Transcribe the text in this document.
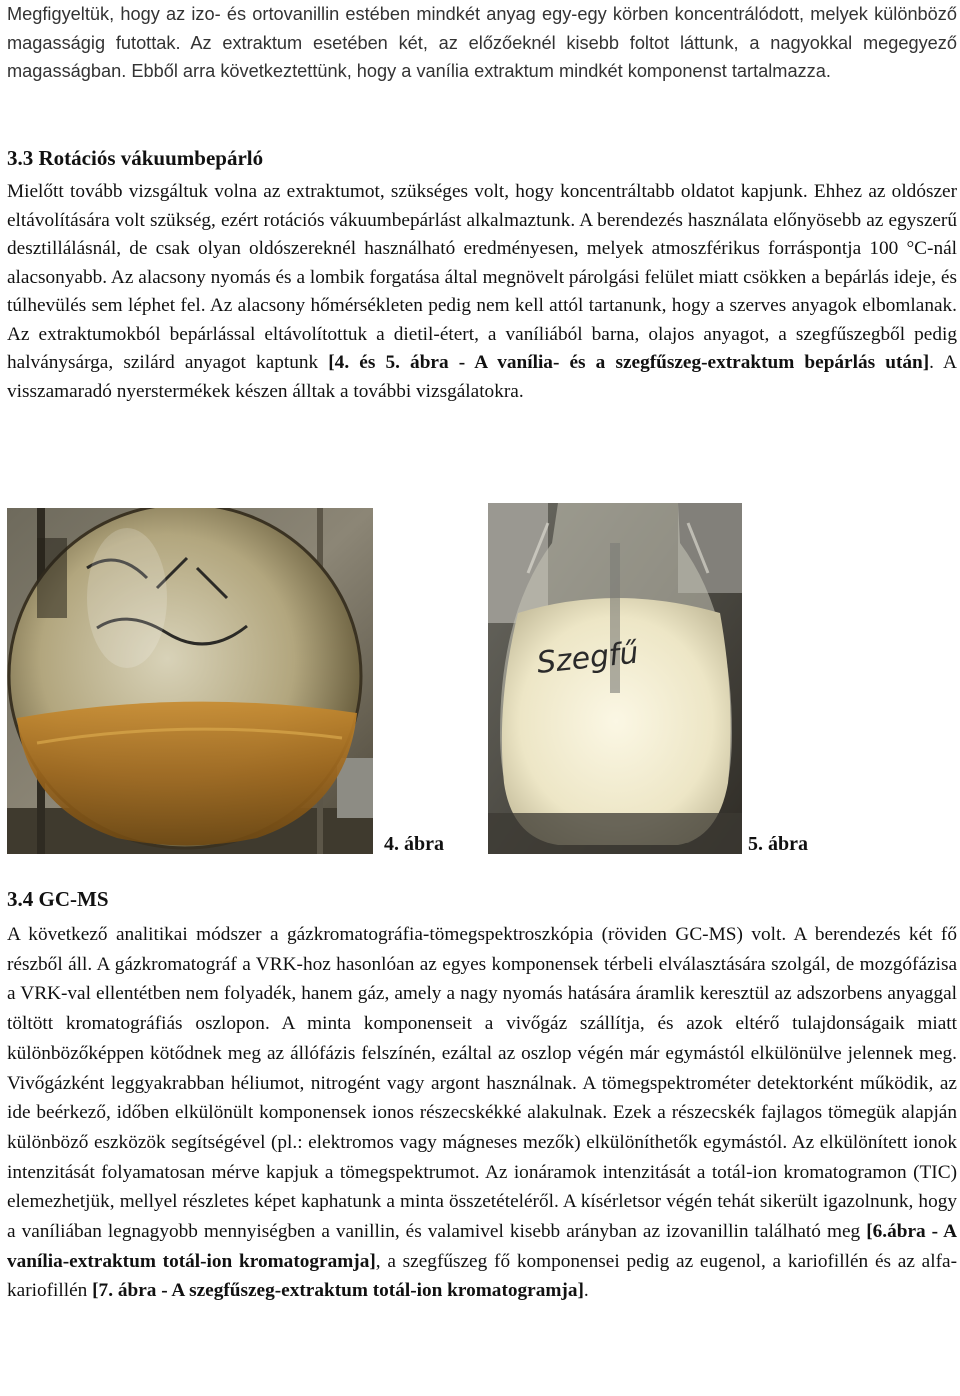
Megfigyeltük, hogy az izo- és ortovanillin estében mindkét anyag egy-egy körben koncentrálódott, melyek különböző magasságig futottak. Az extraktum esetében két, az előzőeknél kisebb foltot láttunk, a nagyokkal megegyező magasságban. Ebből arra következtettünk, hogy a vanília extraktum mindkét komponenst tartalmazza.

3.3 Rotációs vákuumbepárló

Mielőtt tovább vizsgáltuk volna az extraktumot, szükséges volt, hogy koncentráltabb oldatot kapjunk. Ehhez az oldószer eltávolítására volt szükség, ezért rotációs vákuumbepárlást alkalmaztunk. A berendezés használata előnyösebb az egyszerű desztillálásnál, de csak olyan oldószereknél használható eredményesen, melyek atmoszférikus forráspontja 100 °C-nál alacsonyabb. Az alacsony nyomás és a lombik forgatása által megnövelt párolgási felület miatt csökken a bepárlás ideje, és túlhevülés sem léphet fel. Az alacsony hőmérsékleten pedig nem kell attól tartanunk, hogy a szerves anyagok elbomlanak. Az extraktumokból bepárlással eltávolítottuk a dietil-étert, a vaníliából barna, olajos anyagot, a szegfűszegből pedig halványsárga, szilárd anyagot kaptunk [4. és 5. ábra - A vanília- és a szegfűszeg-extraktum bepárlás után]. A visszamaradó nyerstermékek készen álltak a további vizsgálatokra.

Szegfű
4. ábra	5. ábra
3.4 GC-MS

A következő analitikai módszer a gázkromatográfia-tömegspektroszkópia (röviden GC-MS) volt. A berendezés két fő részből áll. A gázkromatográf a VRK-hoz hasonlóan az egyes komponensek térbeli elválasztására szolgál, de mozgófázisa a VRK-val ellentétben nem folyadék, hanem gáz, amely a nagy nyomás hatására áramlik keresztül az adszorbens anyaggal töltött kromatográfiás oszlopon. A minta komponenseit a vivőgáz szállítja, és azok eltérő tulajdonságaik miatt különbözőképpen kötődnek meg az állófázis felszínén, ezáltal az oszlop végén már egymástól elkülönülve jelennek meg. Vivőgázként leggyakrabban héliumot, nitrogént vagy argont használnak. A tömegspektrométer detektorként működik, az ide beérkező, időben elkülönült komponensek ionos részecskékké alakulnak. Ezek a részecskék fajlagos tömegük alapján különböző eszközök segítségével (pl.: elektromos vagy mágneses mezők) elkülöníthetők egymástól. Az elkülönített ionok intenzitását folyamatosan mérve kapjuk a tömegspektrumot. Az ionáramok intenzitását a totál-ion kromatogramon (TIC) elemezhetjük, mellyel részletes képet kaphatunk a minta összetételéről. A kísérletsor végén tehát sikerült igazolnunk, hogy a vaníliában legnagyobb mennyiségben a vanillin, és valamivel kisebb arányban az izovanillin található meg [6.ábra - A vanília-extraktum totál-ion kromatogramja], a szegfűszeg fő komponensei pedig az eugenol, a kariofillén és az alfa-kariofillén [7. ábra - A szegfűszeg-extraktum totál-ion kromatogramja].
